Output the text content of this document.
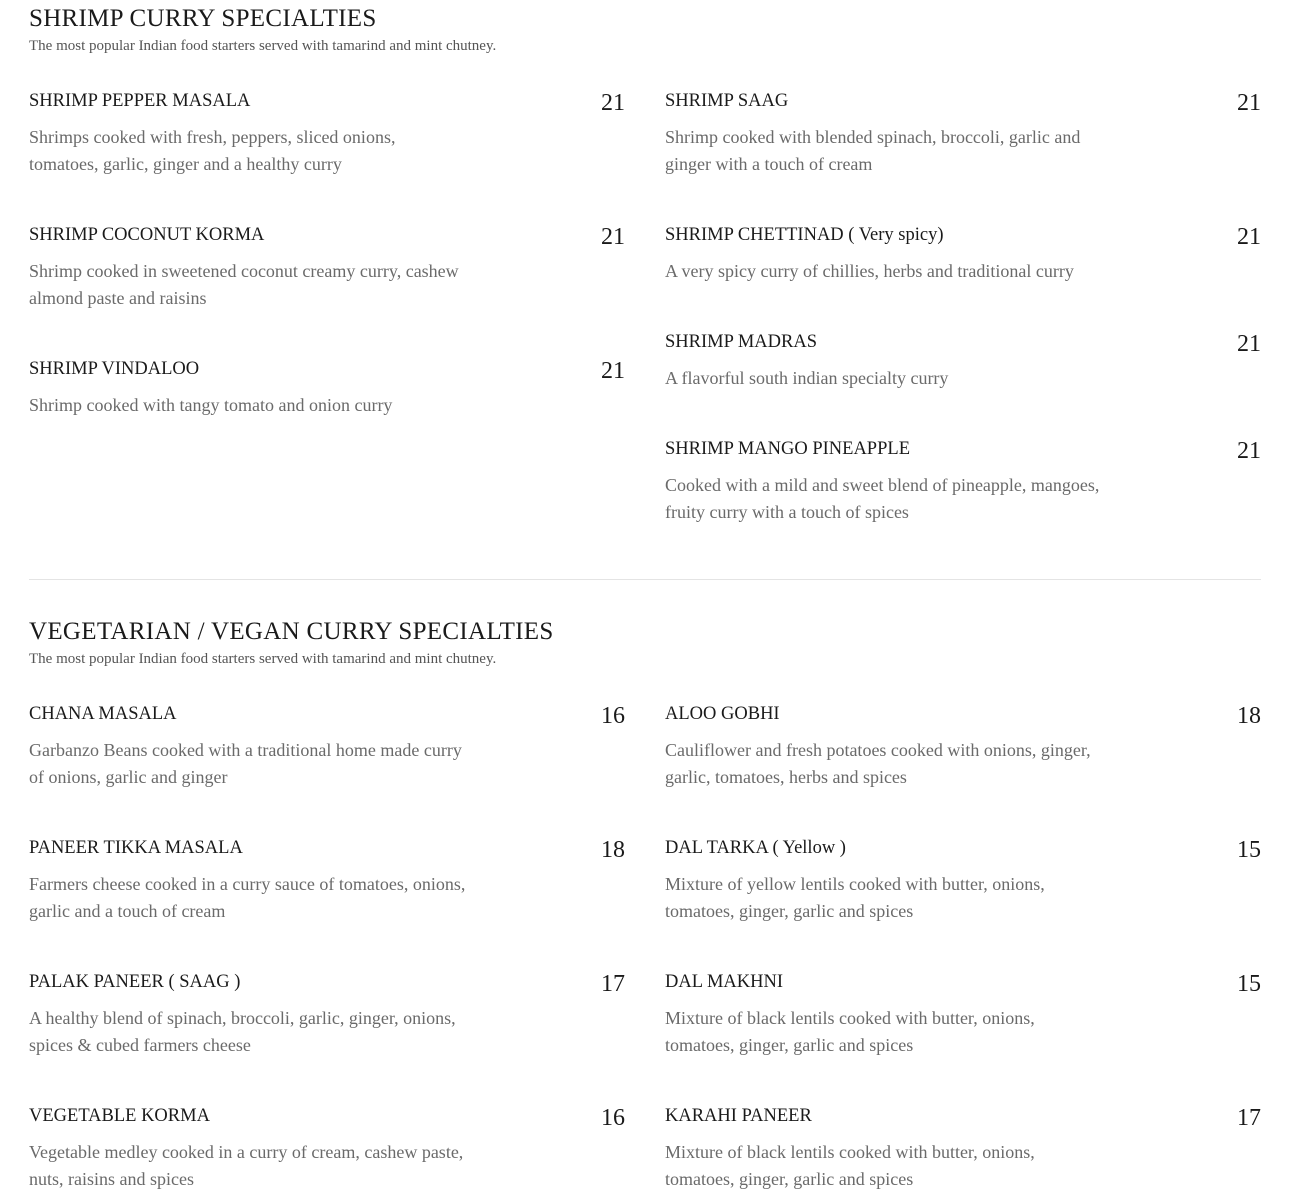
SHRIMP CURRY SPECIALTIES

The most popular Indian food starters served with tamarind and mint chutney.

SHRIMP PEPPER MASALA	21
Shrimps cooked with fresh, peppers, sliced onions, tomatoes, garlic, ginger and a healthy curry
SHRIMP SAAG	21
Shrimp cooked with blended spinach, broccoli, garlic and ginger with a touch of cream
SHRIMP COCONUT KORMA	21
Shrimp cooked in sweetened coconut creamy curry, cashew almond paste and raisins
SHRIMP CHETTINAD ( Very spicy)	21
A very spicy curry of chillies, herbs and traditional curry
SHRIMP VINDALOO	21
Shrimp cooked with tangy tomato and onion curry
SHRIMP MADRAS	21
A flavorful south indian specialty curry
SHRIMP MANGO PINEAPPLE	21
Cooked with a mild and sweet blend of pineapple, mangoes, fruity curry with a touch of spices
VEGETARIAN / VEGAN CURRY SPECIALTIES

The most popular Indian food starters served with tamarind and mint chutney.

CHANA MASALA	16
Garbanzo Beans cooked with a traditional home made curry of onions, garlic and ginger
ALOO GOBHI	18
Cauliflower and fresh potatoes cooked with onions, ginger, garlic, tomatoes, herbs and spices
PANEER TIKKA MASALA	18
Farmers cheese cooked in a curry sauce of tomatoes, onions, garlic and a touch of cream
DAL TARKA ( Yellow )	15
Mixture of yellow lentils cooked with butter, onions, tomatoes, ginger, garlic and spices
PALAK PANEER ( SAAG )	17
A healthy blend of spinach, broccoli, garlic, ginger, onions, spices & cubed farmers cheese
DAL MAKHNI	15
Mixture of black lentils cooked with butter, onions, tomatoes, ginger, garlic and spices
VEGETABLE KORMA	16
Vegetable medley cooked in a curry of cream, cashew paste, nuts, raisins and spices
KARAHI PANEER	17
Mixture of black lentils cooked with butter, onions, tomatoes, ginger, garlic and spices
